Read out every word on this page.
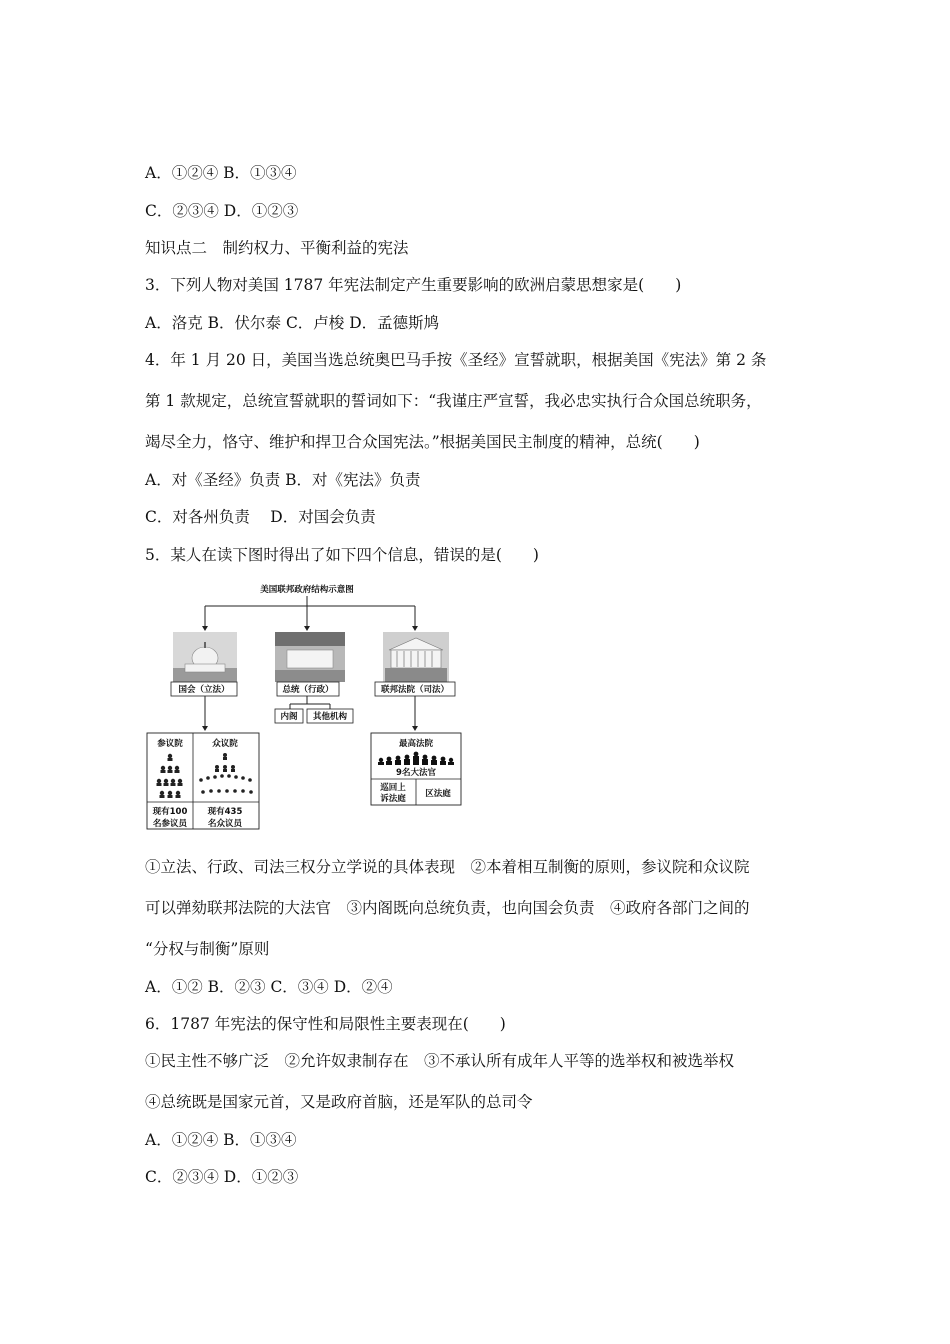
A．①②④ B．①③④
C．②③④ D．①②③
知识点二　制约权力、平衡利益的宪法
3．下列人物对美国 1787 年宪法制定产生重要影响的欧洲启蒙思想家是(　　)
A．洛克 B．伏尔泰 C．卢梭 D．孟德斯鸠
4．年 1 月 20 日，美国当选总统奥巴马手按《圣经》宣誓就职，根据美国《宪法》第 2 条
第 1 款规定，总统宣誓就职的誓词如下：“我谨庄严宣誓，我必忠实执行合众国总统职务，
竭尽全力，恪守、维护和捍卫合众国宪法。”根据美国民主制度的精神，总统(　　)
A．对《圣经》负责 B．对《宪法》负责
C．对各州负责　 D．对国会负责
5．某人在读下图时得出了如下四个信息，错误的是(　　)
美国联邦政府结构示意图
国会（立法）	总统（行政）	联邦法院（司法）
内阁 其他机构
参议院	众议院
现有100
名参议员
现有435
名众议员
最高法院
9名大法官
巡回上
诉法庭 区法庭
①立法、行政、司法三权分立学说的具体表现　②本着相互制衡的原则，参议院和众议院
可以弹劾联邦法院的大法官　③内阁既向总统负责，也向国会负责　④政府各部门之间的
“分权与制衡”原则
A．①② B．②③ C．③④ D．②④
6．1787 年宪法的保守性和局限性主要表现在(　　)
①民主性不够广泛　②允许奴隶制存在　③不承认所有成年人平等的选举权和被选举权
④总统既是国家元首，又是政府首脑，还是军队的总司令
A．①②④ B．①③④
C．②③④ D．①②③
